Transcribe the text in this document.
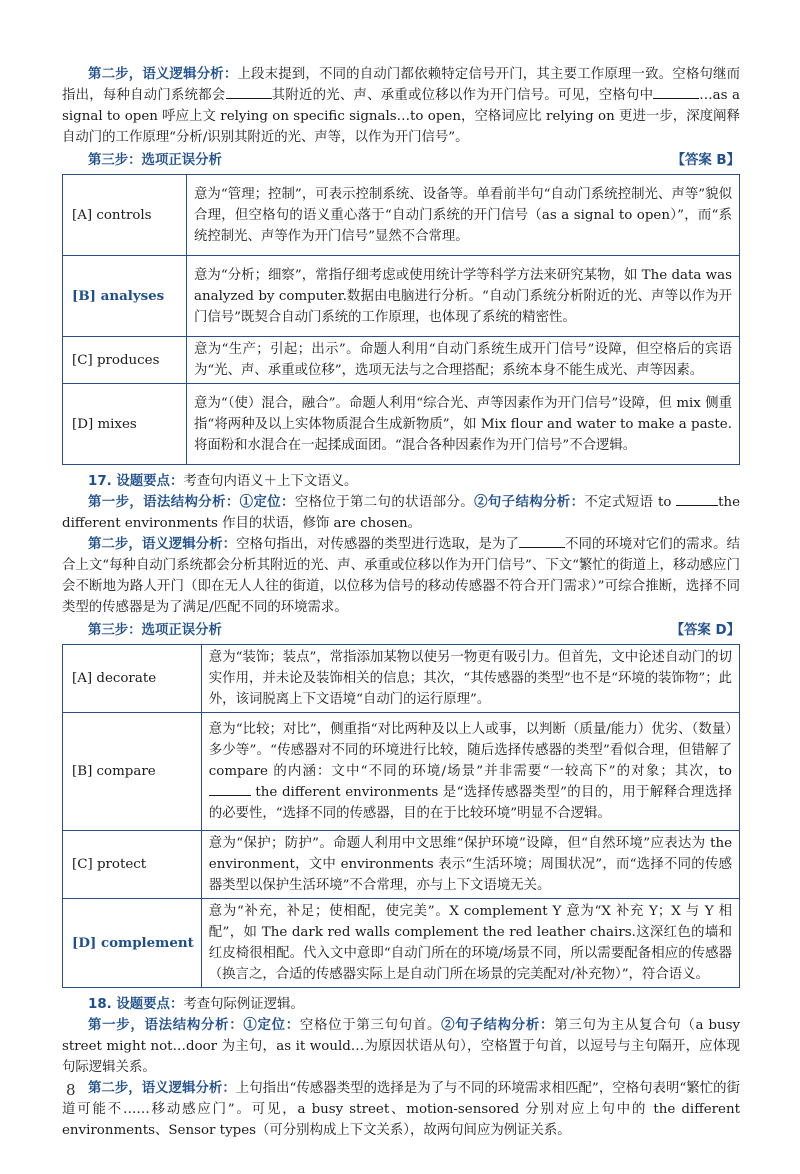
第二步，语义逻辑分析：上段末提到，不同的自动门都依赖特定信号开门，其主要工作原理一致。空格句继而指出，每种自动门系统都会	其附近的光、声、承重或位移以作为开门信号。可见，空格句中	…as a signal to open 呼应上文 relying on specific signals…to open，空格词应比 relying on 更进一步，深度阐释自动门的工作原理“分析/识别其附近的光、声等，以作为开门信号”。

第三步：选项正误分析	【答案 B】
[A] controls	意为“管理；控制”，可表示控制系统、设备等。单看前半句“自动门系统控制光、声等”貌似合理，但空格句的语义重心落于“自动门系统的开门信号（as a signal to open）”，而“系统控制光、声等作为开门信号”显然不合常理。
[B] analyses	意为“分析；细察”，常指仔细考虑或使用统计学等科学方法来研究某物，如 The data was analyzed by computer.数据由电脑进行分析。“自动门系统分析附近的光、声等以作为开门信号”既契合自动门系统的工作原理，也体现了系统的精密性。
[C] produces	意为“生产；引起；出示”。命题人利用“自动门系统生成开门信号”设障，但空格后的宾语为“光、声、承重或位移”，选项无法与之合理搭配；系统本身不能生成光、声等因素。
[D] mixes	意为“（使）混合，融合”。命题人利用“综合光、声等因素作为开门信号”设障，但 mix 侧重指“将两种及以上实体物质混合生成新物质”，如 Mix flour and water to make a paste.将面粉和水混合在一起揉成面团。“混合各种因素作为开门信号”不合逻辑。

17. 设题要点：考查句内语义＋上下文语义。

第一步，语法结构分析：①定位：空格位于第二句的状语部分。②句子结构分析：不定式短语 to	the different environments 作目的状语，修饰 are chosen。

第二步，语义逻辑分析：空格句指出，对传感器的类型进行选取，是为了	不同的环境对它们的需求。结合上文“每种自动门系统都会分析其附近的光、声、承重或位移以作为开门信号”、下文“繁忙的街道上，移动感应门会不断地为路人开门（即在无人人往的街道，以位移为信号的移动传感器不符合开门需求）”可综合推断，选择不同类型的传感器是为了满足/匹配不同的环境需求。

第三步：选项正误分析	【答案 D】
[A] decorate	意为“装饰；装点”，常指添加某物以使另一物更有吸引力。但首先，文中论述自动门的切实作用，并未论及装饰相关的信息；其次，“其传感器的类型”也不是“环境的装饰物”；此外，该词脱离上下文语境“自动门的运行原理”。
[B] compare	意为“比较；对比”，侧重指“对比两种及以上人或事，以判断（质量/能力）优劣、（数量）多少等”。“传感器对不同的环境进行比较，随后选择传感器的类型”看似合理，但错解了 compare 的内涵：文中“不同的环境/场景”并非需要“一较高下”的对象；其次，to  the different environments 是“选择传感器类型”的目的，用于解释合理选择的必要性，“选择不同的传感器，目的在于比较环境”明显不合逻辑。
[C] protect	意为“保护；防护”。命题人利用中文思维“保护环境”设障，但“自然环境”应表达为 the environment，文中 environments 表示“生活环境；周围状况”，而“选择不同的传感器类型以保护生活环境”不合常理，亦与上下文语境无关。
[D] complement	意为“补充，补足；使相配，使完美”。X complement Y 意为“X 补充 Y；X 与 Y 相配”，如 The dark red walls complement the red leather chairs.这深红色的墙和红皮椅很相配。代入文中意即“自动门所在的环境/场景不同，所以需要配备相应的传感器（换言之，合适的传感器实际上是自动门所在场景的完美配对/补充物）”，符合语义。

18. 设题要点：考查句际例证逻辑。

第一步，语法结构分析：①定位：空格位于第三句句首。②句子结构分析：第三句为主从复合句（a busy street might not…door 为主句，as it would…为原因状语从句），空格置于句首，以逗号与主句隔开，应体现句际逻辑关系。

第二步，语义逻辑分析：上句指出“传感器类型的选择是为了与不同的环境需求相匹配”，空格句表明“繁忙的街道可能不……移动感应门”。可见，a busy street、motion-sensored 分别对应上句中的 the different environments、Sensor types（可分别构成上下文关系），故两句间应为例证关系。

8
